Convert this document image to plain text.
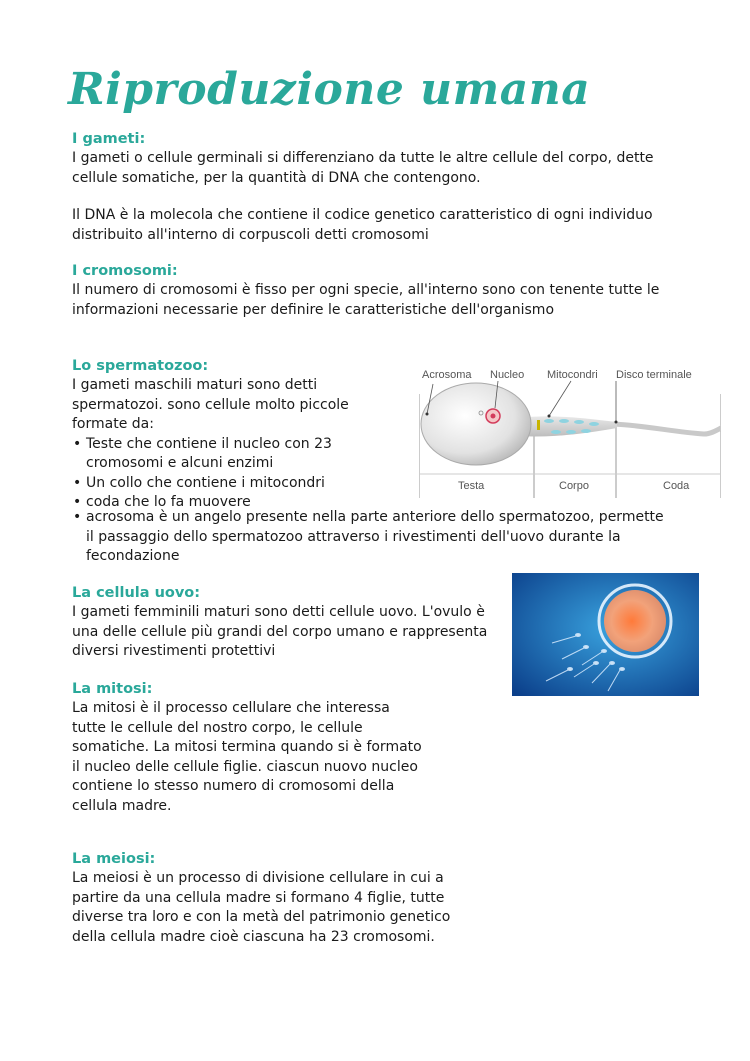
Riproduzione umana
I gameti:

I gameti o cellule germinali si differenziano da tutte le altre cellule del corpo, dette cellule somatiche, per la quantità di DNA che contengono.

Il DNA è la molecola che contiene il codice genetico caratteristico di ogni individuo distribuito all'interno di corpuscoli detti cromosomi

I cromosomi:

Il numero di cromosomi è fisso per ogni specie, all'interno sono con tenente tutte le informazioni necessarie per definire le caratteristiche dell'organismo

Lo spermatozoo:

I gameti maschili maturi sono detti spermatozoi. sono cellule molto piccole formate da:

• Teste che contiene il nucleo con 23 cromosomi e alcuni enzimi
• Un collo che contiene i mitocondri
• coda che lo fa muovere
• acrosoma è un angelo presente nella parte anteriore dello spermatozoo, permette il passaggio dello spermatozoo attraverso i rivestimenti dell'uovo durante la fecondazione
Acrosoma Nucleo Mitocondri Disco terminale
Testa	Corpo	Coda
La cellula uovo:

I gameti femminili maturi sono detti cellule uovo. L'ovulo è una delle cellule più grandi del corpo umano e rappresenta diversi rivestimenti protettivi

La mitosi:

La mitosi è il processo cellulare che interessa tutte le cellule del nostro corpo, le cellule somatiche. La mitosi termina quando si è formato il nucleo delle cellule figlie. ciascun nuovo nucleo contiene lo stesso numero di cromosomi della cellula madre.

La meiosi:

La meiosi è un processo di divisione cellulare in cui a partire da una cellula madre si formano 4 figlie, tutte diverse tra loro e con la metà del patrimonio genetico della cellula madre cioè ciascuna ha 23 cromosomi.
